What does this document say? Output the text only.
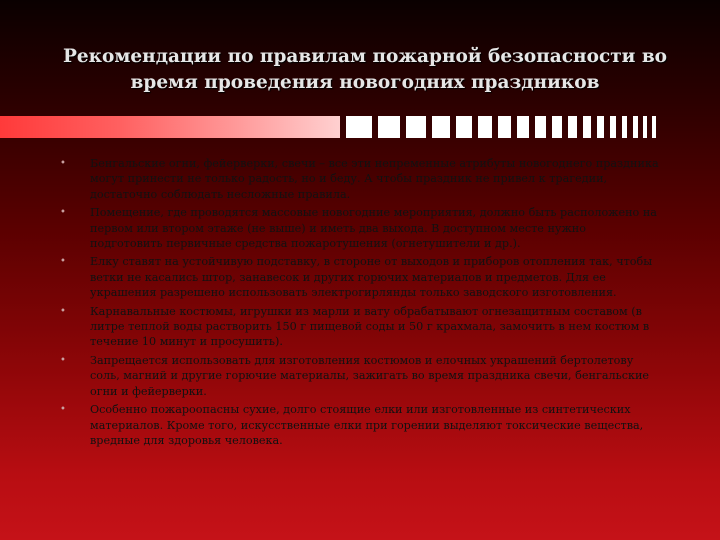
Рекомендации по правилам пожарной безопасности во время проведения новогодних праздников
• Бенгальские огни, фейерверки, свечи – все эти непременные атрибуты новогоднего праздника могут принести не только радость, но и беду. А чтобы праздник не привел к трагедии, достаточно соблюдать несложные правила.
• Помещение, где проводятся массовые новогодние мероприятия, должно быть расположено на первом или втором этаже (не выше) и иметь два выхода. В доступном месте нужно подготовить первичные средства пожаротушения (огнетушители и др.).
• Елку ставят на устойчивую подставку, в стороне от выходов и приборов отопления так, чтобы ветки не касались штор, занавесок и других горючих материалов и предметов. Для ее украшения разрешено использовать электрогирлянды только заводского изготовления.
• Карнавальные костюмы, игрушки из марли и вату обрабатывают огнезащитным составом (в литре теплой воды растворить 150 г пищевой соды и 50 г крахмала, замочить в нем костюм в течение 10 минут и просушить).
• Запрещается использовать для изготовления костюмов и елочных украшений бертолетову соль, магний и другие горючие материалы, зажигать во время праздника свечи, бенгальские огни и фейерверки.
• Особенно пожароопасны сухие, долго стоящие елки или изготовленные из синтетических материалов. Кроме того, искусственные елки при горении выделяют токсические вещества, вредные для здоровья человека.
